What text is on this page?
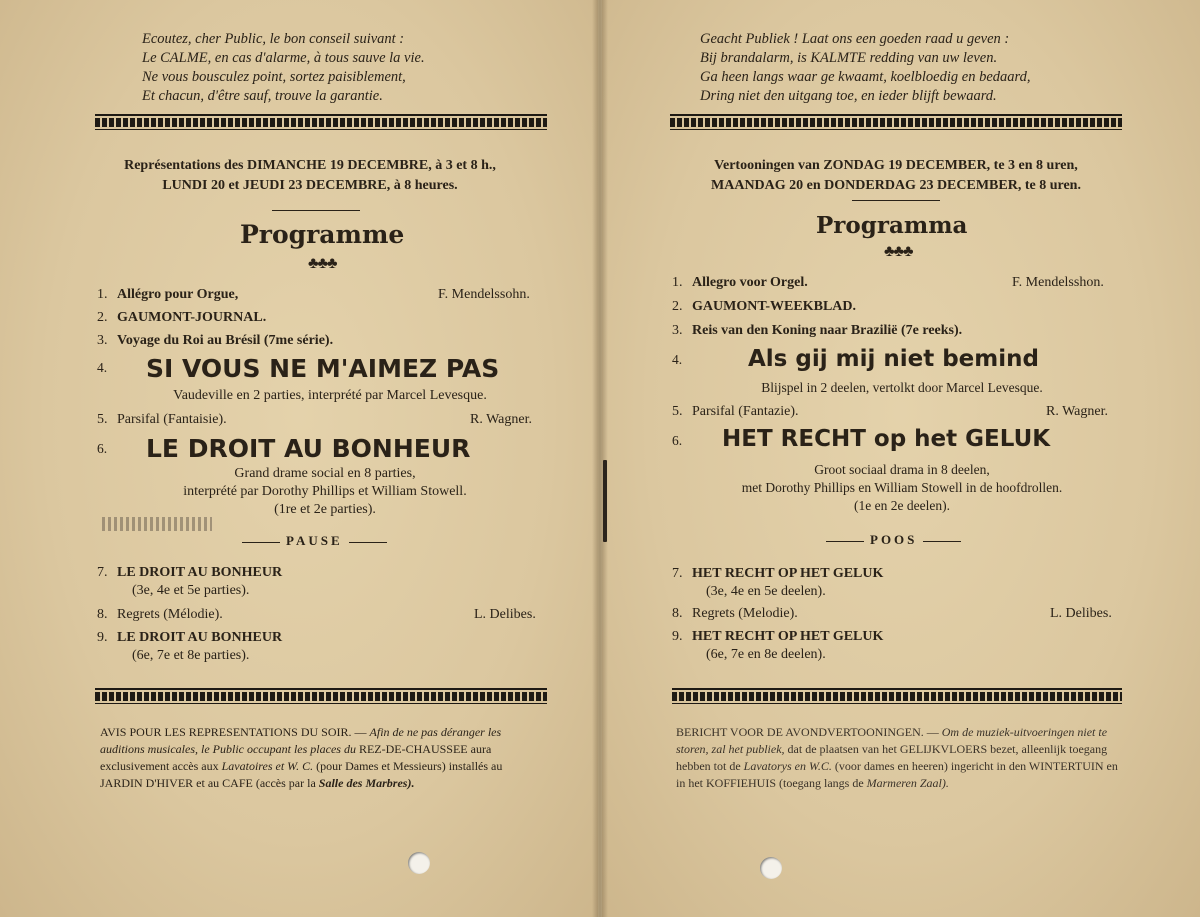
Ecoutez, cher Public, le bon conseil suivant :
Le CALME, en cas d'alarme, à tous sauve la vie.
Ne vous bousculez point, sortez paisiblement,
Et chacun, d'être sauf, trouve la garantie.
Représentations des DIMANCHE 19 DECEMBRE, à 3 et 8 h.,
LUNDI 20 et JEUDI 23 DECEMBRE, à 8 heures.
Programme
♣♣♣
1. Allégro pour Orgue,	F. Mendelssohn.
2. GAUMONT-JOURNAL.
3. Voyage du Roi au Brésil (7me série).
4. SI VOUS NE M'AIMEZ PAS
Vaudeville en 2 parties, interprété par Marcel Levesque.
5. Parsifal (Fantaisie).	R. Wagner.
6. LE DROIT AU BONHEUR
Grand drame social en 8 parties,
interprété par Dorothy Phillips et William Stowell.
(1re et 2e parties).
PAUSE
7. LE DROIT AU BONHEUR
(3e, 4e et 5e parties).
8. Regrets (Mélodie).	L. Delibes.
9. LE DROIT AU BONHEUR
(6e, 7e et 8e parties).
AVIS POUR LES REPRESENTATIONS DU SOIR. — Afin de ne pas déranger les auditions musicales, le Public occupant les places du REZ-DE-CHAUSSEE aura exclusivement accès aux Lavatoires et W. C. (pour Dames et Messieurs) installés au JARDIN D'HIVER et au CAFE (accès par la Salle des Marbres).
Geacht Publiek ! Laat ons een goeden raad u geven :
Bij brandalarm, is KALMTE redding van uw leven.
Ga heen langs waar ge kwaamt, koelbloedig en bedaard,
Dring niet den uitgang toe, en ieder blijft bewaard.
Vertooningen van ZONDAG 19 DECEMBER, te 3 en 8 uren,
MAANDAG 20 en DONDERDAG 23 DECEMBER, te 8 uren.
Programma
♣♣♣
1. Allegro voor Orgel.	F. Mendelsshon.
2. GAUMONT-WEEKBLAD.
3. Reis van den Koning naar Brazilië (7e reeks).
4.	Als gij mij niet bemind
Blijspel in 2 deelen, vertolkt door Marcel Levesque.
5. Parsifal (Fantazie).	R. Wagner.
6. HET RECHT op het GELUK
Groot sociaal drama in 8 deelen,
met Dorothy Phillips en William Stowell in de hoofdrollen.
(1e en 2e deelen).
POOS
7. HET RECHT OP HET GELUK
(3e, 4e en 5e deelen).
8. Regrets (Melodie).	L. Delibes.
9. HET RECHT OP HET GELUK
(6e, 7e en 8e deelen).
BERICHT VOOR DE AVONDVERTOONINGEN. — Om de muziek-uitvoeringen niet te storen, zal het publiek, dat de plaatsen van het GELIJKVLOERS bezet, alleenlijk toegang hebben tot de Lavatorys en W.C. (voor dames en heeren) ingericht in den WINTERTUIN en in het KOFFIEHUIS (toegang langs de Marmeren Zaal).
